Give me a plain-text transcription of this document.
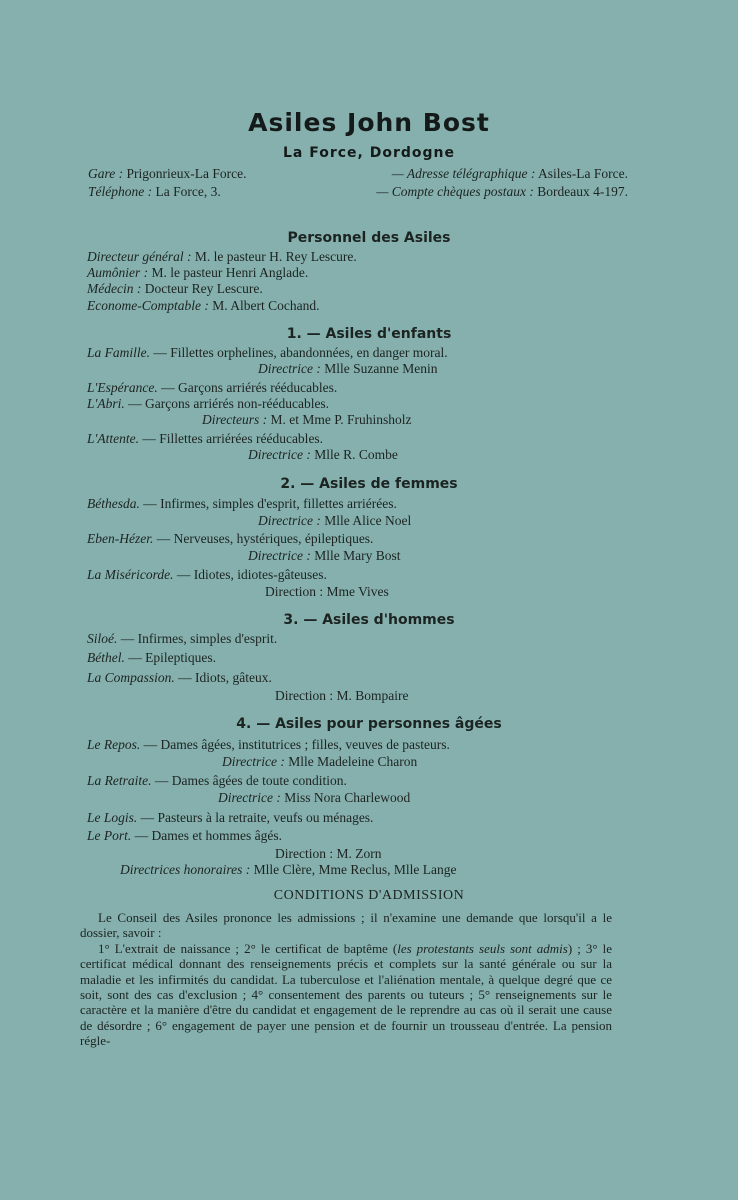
Asiles John Bost
La Force, Dordogne
Gare : Prigonrieux-La Force.	— Adresse télégraphique : Asiles-La Force.
Téléphone : La Force, 3.	— Compte chèques postaux : Bordeaux 4-197.
Personnel des Asiles
Directeur général : M. le pasteur H. Rey Lescure.
Aumônier : M. le pasteur Henri Anglade.
Médecin : Docteur Rey Lescure.
Econome-Comptable : M. Albert Cochand.
1. — Asiles d'enfants
La Famille. — Fillettes orphelines, abandonnées, en danger moral.
Directrice : Mlle Suzanne Menin
L'Espérance. — Garçons arriérés rééducables.
L'Abri. — Garçons arriérés non-rééducables.
Directeurs : M. et Mme P. Fruhinsholz
L'Attente. — Fillettes arriérées rééducables.
Directrice : Mlle R. Combe
2. — Asiles de femmes
Béthesda. — Infirmes, simples d'esprit, fillettes arriérées.
Directrice : Mlle Alice Noel
Eben-Hézer. — Nerveuses, hystériques, épileptiques.
Directrice : Mlle Mary Bost
La Miséricorde. — Idiotes, idiotes-gâteuses.
Direction : Mme Vives
3. — Asiles d'hommes
Siloé. — Infirmes, simples d'esprit.
Béthel. — Epileptiques.
La Compassion. — Idiots, gâteux.
Direction : M. Bompaire
4. — Asiles pour personnes âgées
Le Repos. — Dames âgées, institutrices ; filles, veuves de pasteurs.
Directrice : Mlle Madeleine Charon
La Retraite. — Dames âgées de toute condition.
Directrice : Miss Nora Charlewood
Le Logis. — Pasteurs à la retraite, veufs ou ménages.
Le Port. — Dames et hommes âgés.
Direction : M. Zorn
Directrices honoraires : Mlle Clère, Mme Reclus, Mlle Lange
CONDITIONS D'ADMISSION

Le Conseil des Asiles prononce les admissions ; il n'examine une demande que lorsqu'il a le dossier, savoir :

1° L'extrait de naissance ; 2° le certificat de baptême (les protestants seuls sont admis) ; 3° le certificat médical donnant des renseignements précis et complets sur la santé générale ou sur la maladie et les infirmités du candidat. La tuberculose et l'aliénation mentale, à quelque degré que ce soit, sont des cas d'exclusion ; 4° consentement des parents ou tuteurs ; 5° renseignements sur le caractère et la manière d'être du candidat et engagement de le reprendre au cas où il serait une cause de désordre ; 6° engagement de payer une pension et de fournir un trousseau d'entrée. La pension régle-
